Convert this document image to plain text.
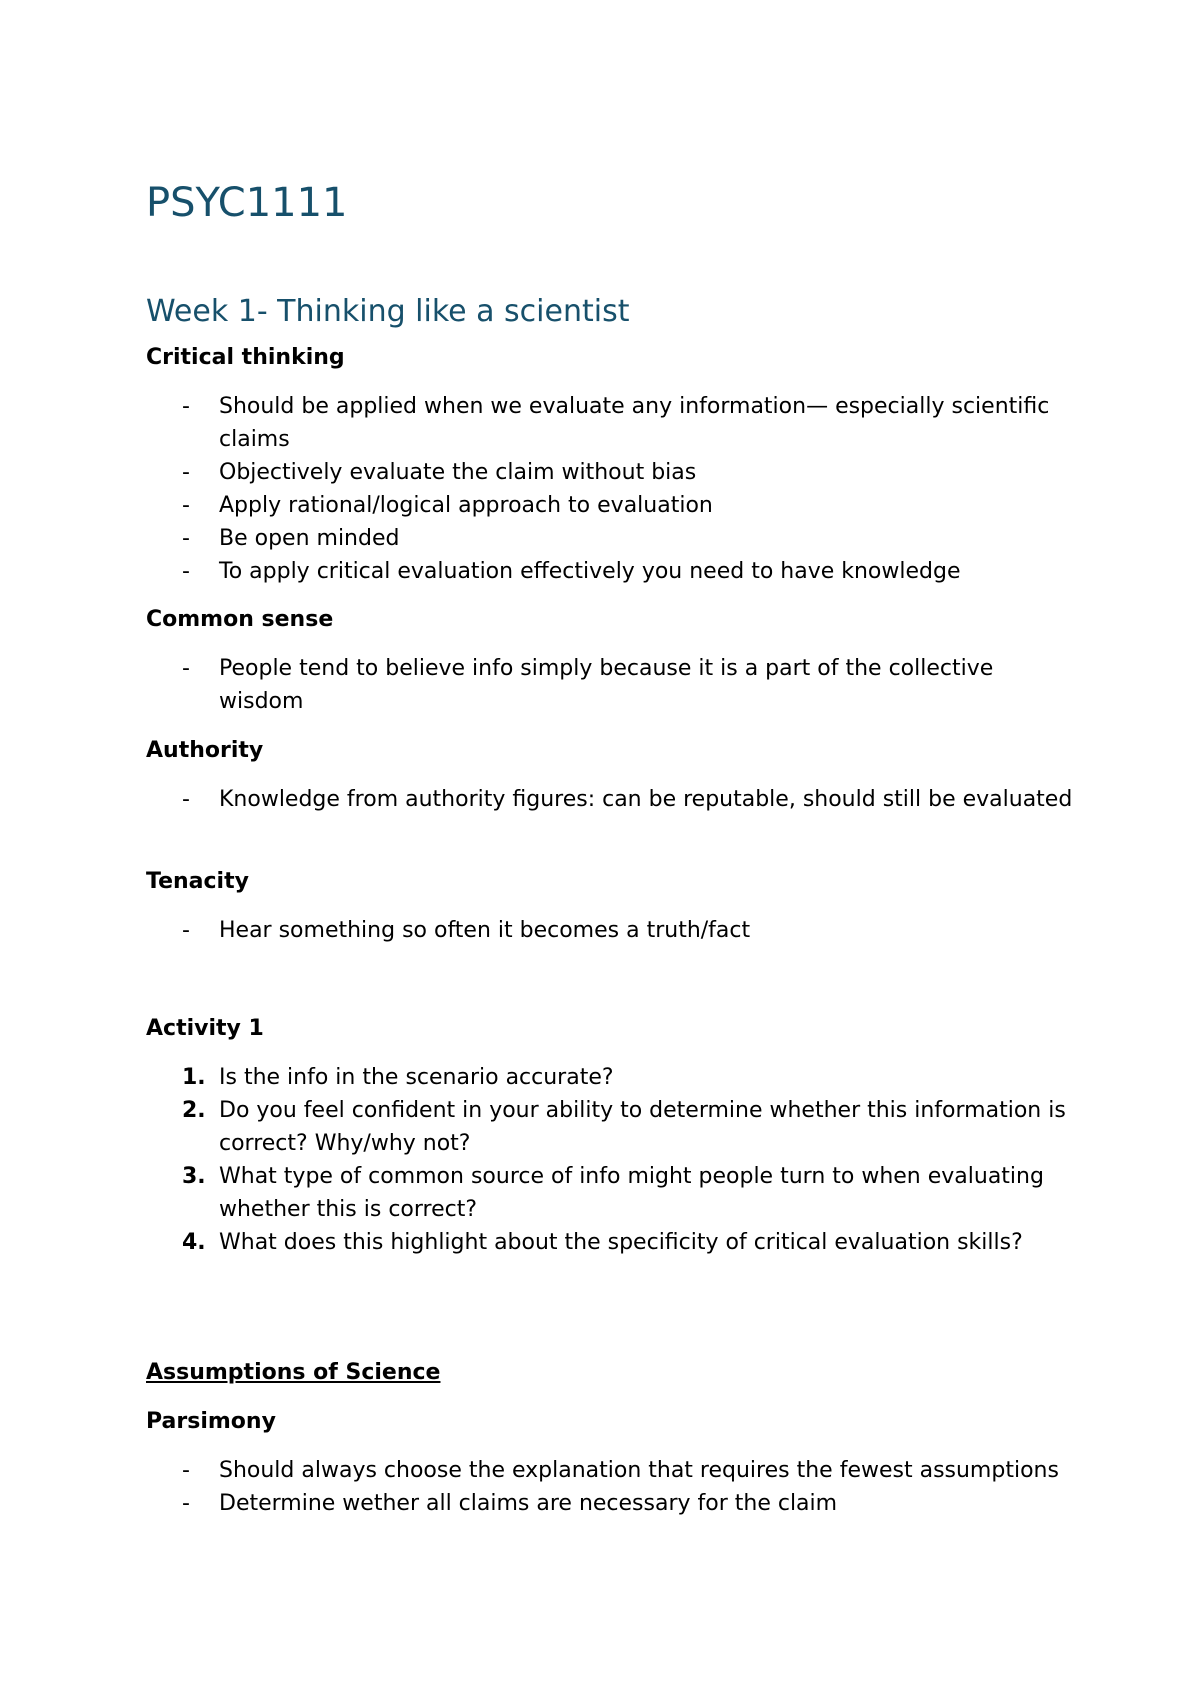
PSYC1111
Week 1- Thinking like a scientist
Critical thinking
- Should be applied when we evaluate any information— especially scientific claims
- Objectively evaluate the claim without bias
- Apply rational/logical approach to evaluation
- Be open minded
- To apply critical evaluation effectively you need to have knowledge
Common sense
- People tend to believe info simply because it is a part of the collective wisdom
Authority
- Knowledge from authority figures: can be reputable, should still be evaluated
Tenacity
- Hear something so often it becomes a truth/fact
Activity 1
1. Is the info in the scenario accurate?
2. Do you feel confident in your ability to determine whether this information is correct? Why/why not?
3. What type of common source of info might people turn to when evaluating whether this is correct?
4. What does this highlight about the specificity of critical evaluation skills?
Assumptions of Science
Parsimony
- Should always choose the explanation that requires the fewest assumptions
- Determine wether all claims are necessary for the claim
